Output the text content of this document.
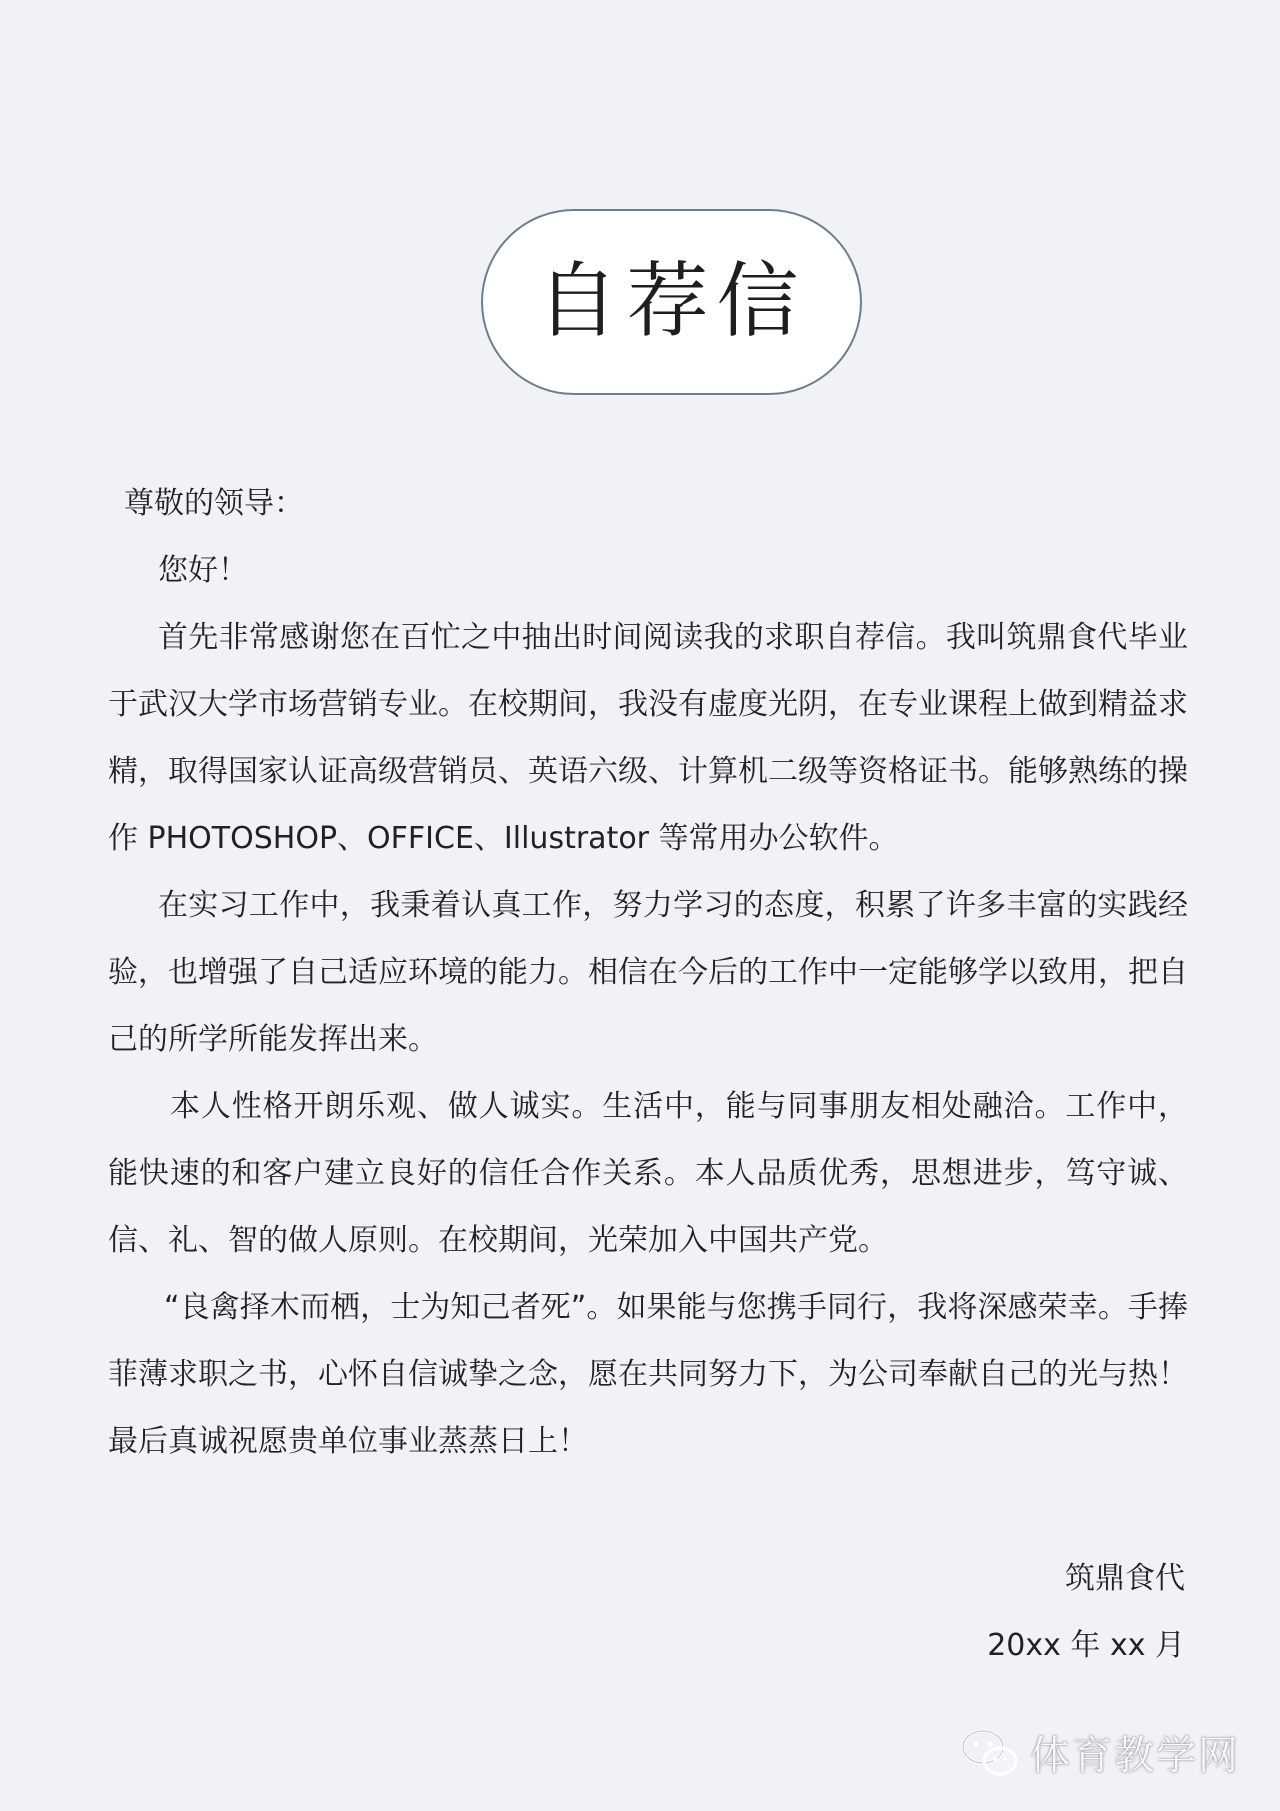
自荐信

尊敬的领导：

您好！

首先非常感谢您在百忙之中抽出时间阅读我的求职自荐信。我叫筑鼎食代毕业于武汉大学市场营销专业。在校期间，我没有虚度光阴，在专业课程上做到精益求精，取得国家认证高级营销员、英语六级、计算机二级等资格证书。能够熟练的操作 PHOTOSHOP、OFFICE、Illustrator 等常用办公软件。

在实习工作中，我秉着认真工作，努力学习的态度，积累了许多丰富的实践经验，也增强了自己适应环境的能力。相信在今后的工作中一定能够学以致用，把自己的所学所能发挥出来。

本人性格开朗乐观、做人诚实。生活中，能与同事朋友相处融洽。工作中，能快速的和客户建立良好的信任合作关系。本人品质优秀，思想进步，笃守诚、信、礼、智的做人原则。在校期间，光荣加入中国共产党。

“良禽择木而栖，士为知己者死”。如果能与您携手同行，我将深感荣幸。手捧菲薄求职之书，心怀自信诚挚之念，愿在共同努力下，为公司奉献自己的光与热！最后真诚祝愿贵单位事业蒸蒸日上！

筑鼎食代
20xx 年 xx 月
体育教学网
